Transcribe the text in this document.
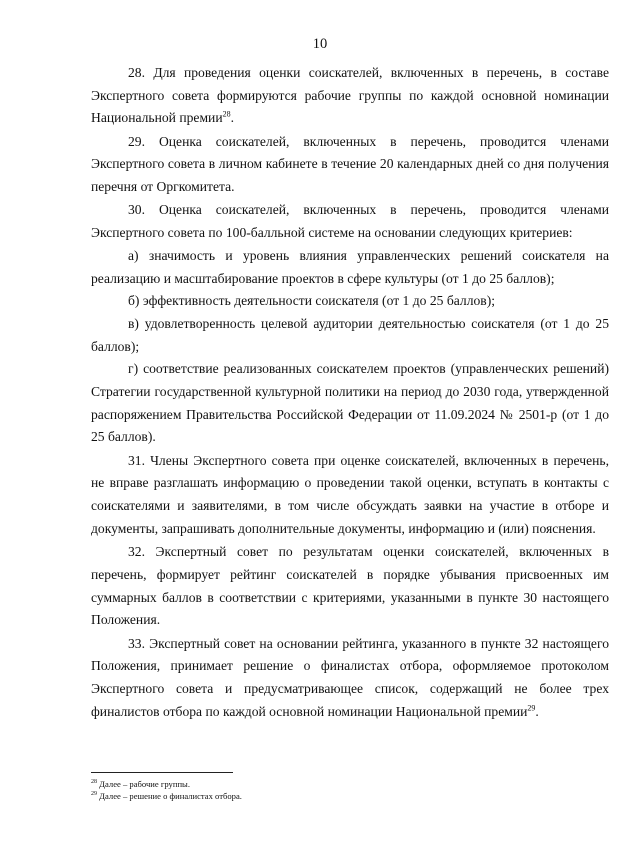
10

28. Для проведения оценки соискателей, включенных в перечень, в составе Экспертного совета формируются рабочие группы по каждой основной номинации Национальной премии$^{28}$.

29. Оценка соискателей, включенных в перечень, проводится членами Экспертного совета в личном кабинете в течение 20 календарных дней со дня получения перечня от Оргкомитета.

30. Оценка соискателей, включенных в перечень, проводится членами Экспертного совета по 100-балльной системе на основании следующих критериев:

а) значимость и уровень влияния управленческих решений соискателя на реализацию и масштабирование проектов в сфере культуры (от 1 до 25 баллов);

б) эффективность деятельности соискателя (от 1 до 25 баллов);

в) удовлетворенность целевой аудитории деятельностью соискателя (от 1 до 25 баллов);

г) соответствие реализованных соискателем проектов (управленческих решений) Стратегии государственной культурной политики на период до 2030 года, утвержденной распоряжением Правительства Российской Федерации от 11.09.2024 № 2501-р (от 1 до 25 баллов).

31. Члены Экспертного совета при оценке соискателей, включенных в перечень, не вправе разглашать информацию о проведении такой оценки, вступать в контакты с соискателями и заявителями, в том числе обсуждать заявки на участие в отборе и документы, запрашивать дополнительные документы, информацию и (или) пояснения.

32. Экспертный совет по результатам оценки соискателей, включенных в перечень, формирует рейтинг соискателей в порядке убывания присвоенных им суммарных баллов в соответствии с критериями, указанными в пункте 30 настоящего Положения.

33. Экспертный совет на основании рейтинга, указанного в пункте 32 настоящего Положения, принимает решение о финалистах отбора, оформляемое протоколом Экспертного совета и предусматривающее список, содержащий не более трех финалистов отбора по каждой основной номинации Национальной премии$^{29}$.

$^{28}$ Далее – рабочие группы.

$^{29}$ Далее – решение о финалистах отбора.
